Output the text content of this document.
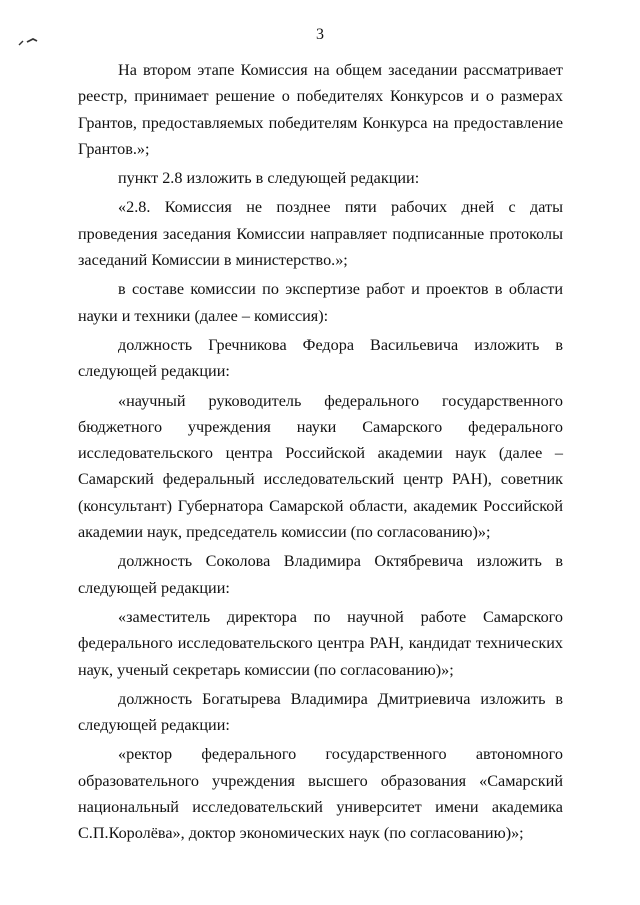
3

На втором этапе Комиссия на общем заседании рассматривает реестр, принимает решение о победителях Конкурсов и о размерах Грантов, предоставляемых победителям Конкурса на предоставление Грантов.»;

пункт 2.8 изложить в следующей редакции:

«2.8. Комиссия не позднее пяти рабочих дней с даты проведения заседания Комиссии направляет подписанные протоколы заседаний Комиссии в министерство.»;

в составе комиссии по экспертизе работ и проектов в области науки и техники (далее – комиссия):

должность Гречникова Федора Васильевича изложить в следующей редакции:

«научный руководитель федерального государственного бюджетного учреждения науки Самарского федерального исследовательского центра Российской академии наук (далее – Самарский федеральный исследовательский центр РАН), советник (консультант) Губернатора Самарской области, академик Российской академии наук, председатель комиссии (по согласованию)»;

должность Соколова Владимира Октябревича изложить в следующей редакции:

«заместитель директора по научной работе Самарского федерального исследовательского центра РАН, кандидат технических наук, ученый секретарь комиссии (по согласованию)»;

должность Богатырева Владимира Дмитриевича изложить в следующей редакции:

«ректор федерального государственного автономного образовательного учреждения высшего образования «Самарский национальный исследовательский университет имени академика С.П.Королёва», доктор экономических наук (по согласованию)»;
